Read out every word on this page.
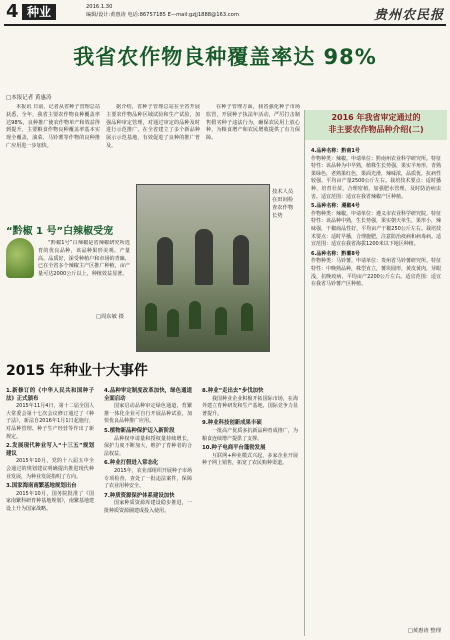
4 种业	2016.1.30
编辑/设计:黄惠涛 电话:86757185 E—mail:gzjj1888@163.com	贵州农民报
我省农作物良种覆盖率达 98%
□本报记者 黄惠涛

本报讯 日前，记者从省种子管理总站获悉，全年，我省主要农作物良种覆盖率达98%，良种推广使农作物单产和效益得到提升，主要粮食作物良种覆盖率基本实现全覆盖，油菜、马铃薯等作物的良种推广应用进一步加快。

据介绍，省种子管理总站在全省开展主要农作物品种区域试验和生产试验，加强品种审定管理，对通过审定的品种及时进行示范推广，在全省建立了多个新品种展示示范基地，有效促进了良种的推广普及。

在种子管理方面，我省强化种子市场监管，开展种子执法年活动，严厉打击制售假劣种子违法行为，确保农民用上放心种，为粮食增产和农民增收提供了有力保障。

技术人员在田间检查农作物长势
“黔椒 1 号”白辣椒受宠

“黔椒1号”白辣椒是省辣椒研究所选育的优良品种，该品种果形美观、产量高、品质好，深受种植户和市场的青睐，已在全省多个辣椒主产区推广种植，亩产量可达2000公斤以上，种植效益显著。

□周东敏 摄
2015 年种业十大事件

1.新修订的《中华人民共和国种子法》正式颁布

2015年11月4日，第十二届全国人大常委会第十七次会议修订通过了《种子法》，新法自2016年1月1日起施行，对品种管理、种子生产经营等作出了新规定。

2.发展现代种业写入“十三五”规划建议

2015年10月，党的十八届五中全会通过的规划建议明确提出推进现代种业发展，为种业发展指明了方向。

3.国家海南南繁基地规划出台

2015年10月，国务院批准了《国家南繁科研育种基地规划》，南繁基地建设上升为国家战略。

4.品种审定制度改革加快，绿色通道全面启动

国家启动品种审定绿色通道，育繁推一体化企业可自行开展品种试验，加快优良品种推广应用。

5.植物新品种保护迈入新阶段

品种权申请量和授权量持续增长，保护力度不断加大，维护了育种者的合法权益。

6.种业打假进入常态化

2015年，农业部组织开展种子市场专项检查，查处了一批违法案件，保障了农业用种安全。

7.种质资源保护体系建设加快

国家种质资源库建设稳步推进，一批种质资源圃建成投入使用。

8.种业“走出去”步伐加快

我国种业企业积极开拓国际市场，在海外建立育种研发和生产基地，国际竞争力显著提升。

9.种业科技创新成果丰硕

一批高产优质多抗新品种育成推广，为粮食连续增产提供了支撑。

10.种子电商平台蓬勃发展

互联网+种业模式兴起，多家企业开展种子网上销售，拓宽了农民购种渠道。

2016 年我省审定通过的
非主要农作物品种介绍(二)

4.品种名称：黔南1号

作物种类：辣椒。申请单位：黔南州农业科学研究所。特征特性：该品种为中早熟，植株生长势强，果实羊角形，青熟果绿色，老熟果红色，果面光滑，辣味浓，品质优，抗病性较强，平均亩产量2500公斤左右。栽培技术要点：适时播种，培育壮苗，合理密植，加强肥水管理，及时防治病虫害。适宜范围：适宜在我省辣椒产区种植。

5.品种名称：遵椒4号

作物种类：辣椒。申请单位：遵义市农业科学研究院。特征特性：该品种中熟，生长势强，果实朝天单生，果形小，辣味强，干椒商品性好，平均亩产干椒250公斤左右。栽培技术要点：适时早播，合理施肥，注意防治疫病和病毒病。适宜范围：适宜在我省海拔1200米以下地区种植。

6.品种名称：黔薯8号

作物种类：马铃薯。申请单位：贵州省马铃薯研究所。特征特性：中晚熟品种，株型直立，薯块圆形，黄皮黄肉，芽眼浅，抗晚疫病，平均亩产2200公斤左右。适宜范围：适宜在我省马铃薯产区种植。

□黄惠涛 整理
